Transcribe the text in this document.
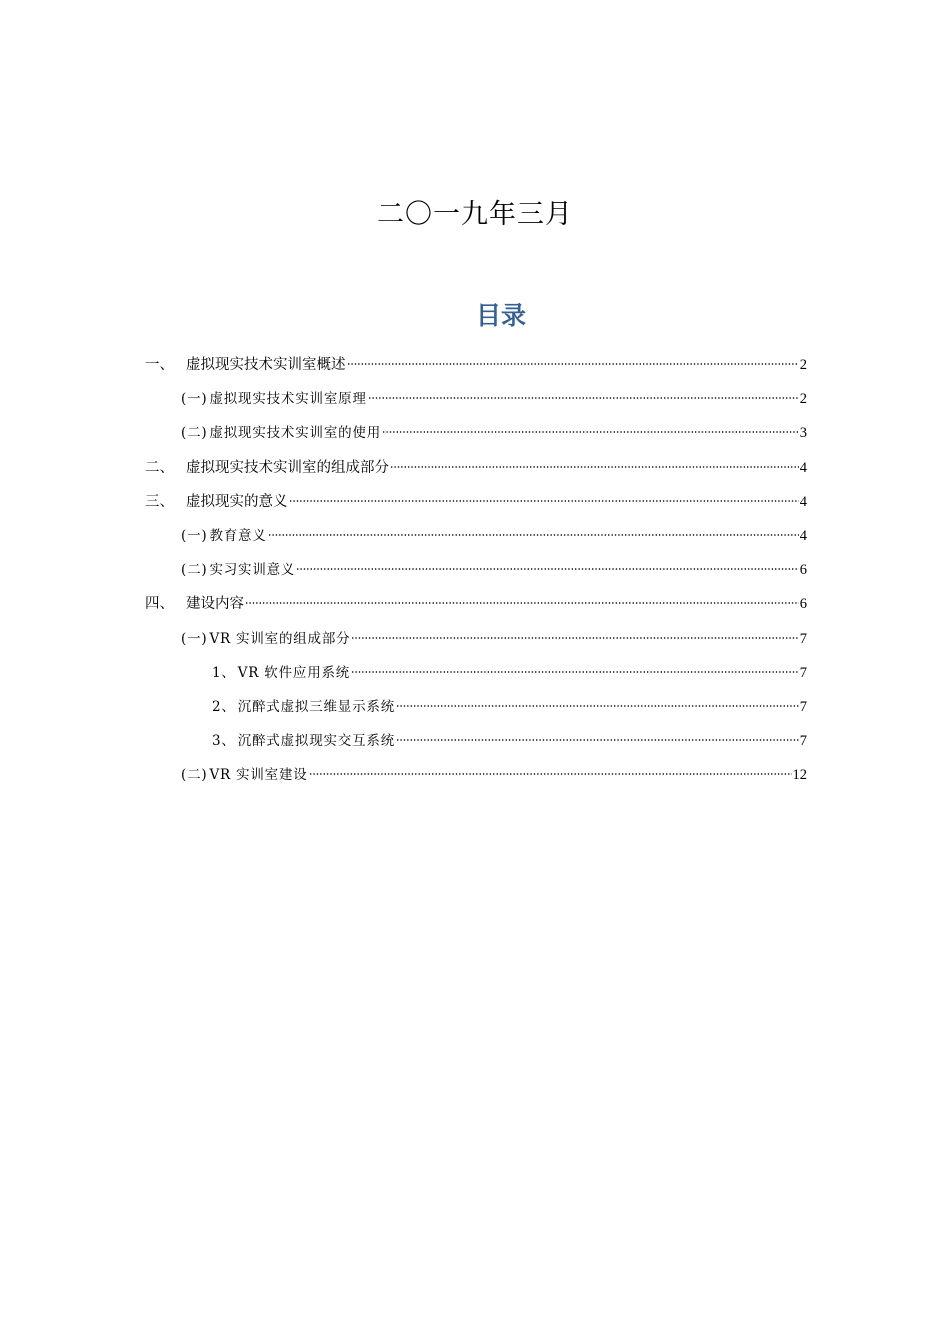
二〇一九年三月
目录
一、 虚拟现实技术实训室概述	2
(一) 虚拟现实技术实训室原理	2
(二) 虚拟现实技术实训室的使用	3
二、 虚拟现实技术实训室的组成部分	4
三、 虚拟现实的意义	4
(一) 教育意义	4
(二) 实习实训意义	6
四、 建设内容	6
(一) VR 实训室的组成部分	7
1、 VR 软件应用系统	7
2、 沉醉式虚拟三维显示系统	7
3、 沉醉式虚拟现实交互系统	7
(二) VR 实训室建设	12
